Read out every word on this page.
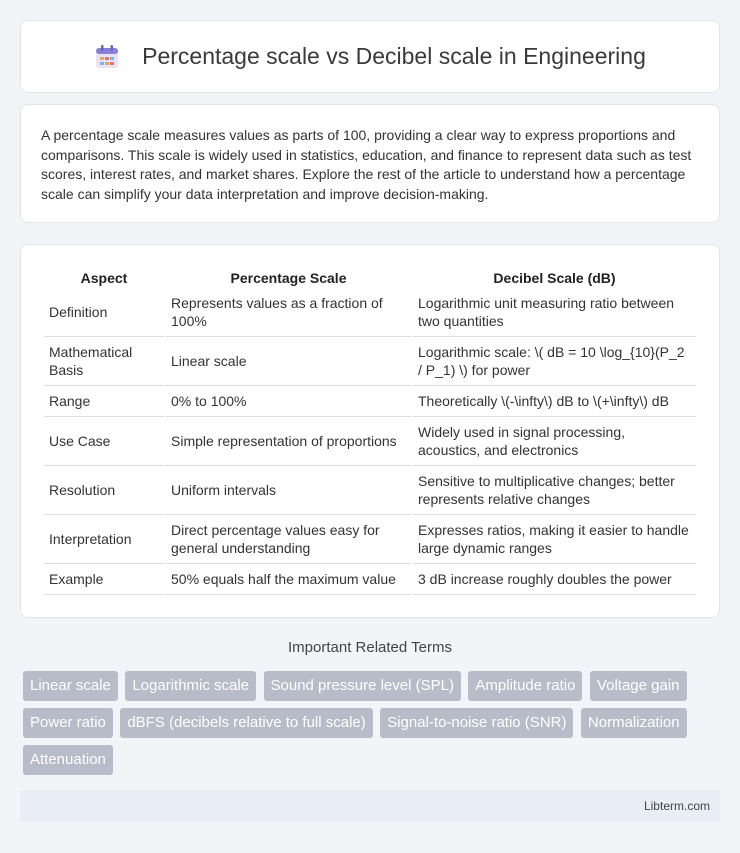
Percentage scale vs Decibel scale in Engineering

A percentage scale measures values as parts of 100, providing a clear way to express proportions and comparisons. This scale is widely used in statistics, education, and finance to represent data such as test scores, interest rates, and market shares. Explore the rest of the article to understand how a percentage scale can simplify your data interpretation and improve decision-making.

Aspect	Percentage Scale	Decibel Scale (dB)
Definition	Represents values as a fraction of 100%	Logarithmic unit measuring ratio between two quantities
Mathematical Basis	Linear scale	Logarithmic scale: \( dB = 10 \log_{10}(P_2 / P_1) \) for power
Range	0% to 100%	Theoretically \(-\infty\) dB to \(+\infty\) dB
Use Case	Simple representation of proportions	Widely used in signal processing, acoustics, and electronics
Resolution	Uniform intervals	Sensitive to multiplicative changes; better represents relative changes
Interpretation	Direct percentage values easy for general understanding	Expresses ratios, making it easier to handle large dynamic ranges
Example	50% equals half the maximum value	3 dB increase roughly doubles the power
Important Related Terms
Linear scale Logarithmic scale Sound pressure level (SPL) Amplitude ratio Voltage gain Power ratio dBFS (decibels relative to full scale) Signal-to-noise ratio (SNR) Normalization Attenuation
Libterm.com
